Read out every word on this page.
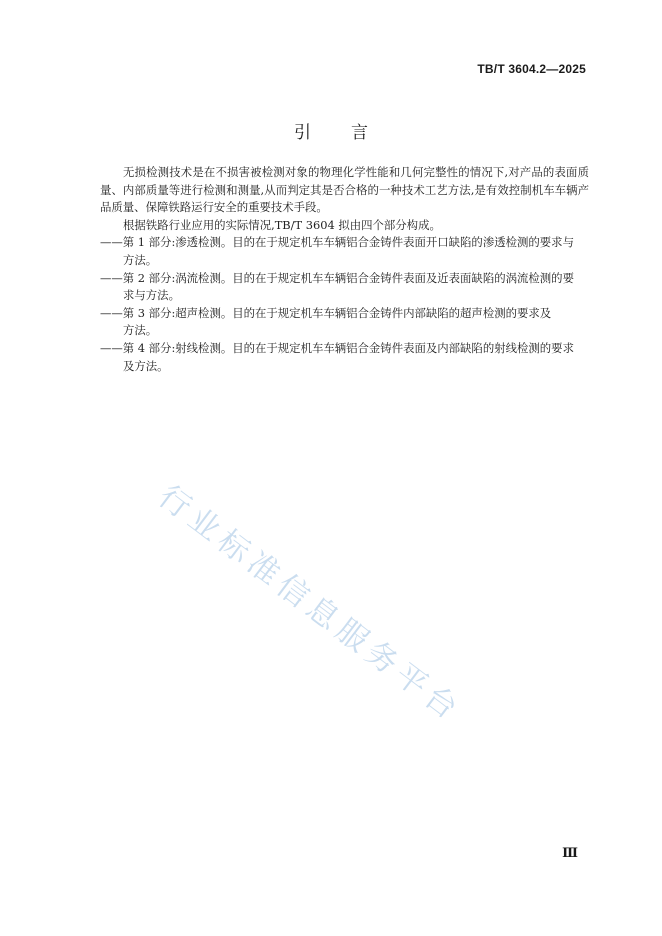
TB/T 3604.2—2025
引言

无损检测技术是在不损害被检测对象的物理化学性能和几何完整性的情况下,对产品的表面质量、内部质量等进行检测和测量,从而判定其是否合格的一种技术工艺方法,是有效控制机车车辆产品质量、保障铁路运行安全的重要技术手段。

根据铁路行业应用的实际情况,TB/T 3604 拟由四个部分构成。

——第 1 部分:渗透检测。目的在于规定机车车辆铝合金铸件表面开口缺陷的渗透检测的要求与

方法。

——第 2 部分:涡流检测。目的在于规定机车车辆铝合金铸件表面及近表面缺陷的涡流检测的要

求与方法。

——第 3 部分:超声检测。目的在于规定机车车辆铝合金铸件内部缺陷的超声检测的要求及

方法。

——第 4 部分:射线检测。目的在于规定机车车辆铝合金铸件表面及内部缺陷的射线检测的要求

及方法。

行业标准信息服务平台
Ⅲ
